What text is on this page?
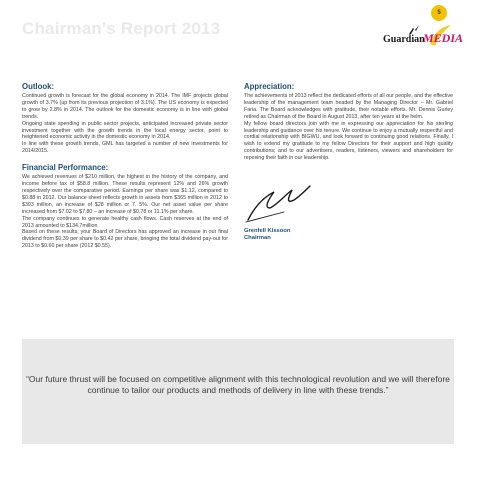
Chairman's Report 2013
5
Guardian
MEDIA
Outlook:

Continued growth is forecast for the global economy in 2014. The IMF projects global growth of 3.7% (up from its previous projection of 3.1%). The US economy is expected to grow by 2.8% in 2014. The outlook for the domestic economy is in line with global trends.

Ongoing state spending in public sector projects, anticipated increased private sector investment together with the growth trends in the local energy sector, point to heightened economic activity in the domestic economy in 2014.

In line with these growth trends, GML has targeted a number of new investments for 2014/2015.

Financial Performance:

We achieved revenues of $210 million, the highest in the history of the company, and income before tax of $58.8 million. These results represent 12% and 26% growth respectively over the comparative period. Earnings per share was $1.12, compared to $0.88 in 2012. Our balance sheet reflects growth in assets from $365 million in 2012 to $393 million, an increase of $28 million or 7. 5%. Our net asset value per share increased from $7.02 to $7.80 – an increase of $0.78 or 11.1% per share.

The company continues to generate healthy cash flows. Cash reserves at the end of 2013 amounted to $134.7million

Based on these results, your Board of Directors has approved an increase in our final dividend from $0.39 per share to $0.42 per share, bringing the total dividend pay-out for 2013 to $0.60 per share (2012 $0.55).

Appreciation:

The achievements of 2013 reflect the dedicated efforts of all our people, and the effective leadership of the management team headed by the Managing Director – Mr. Gabriel Faria. The Board acknowledges with gratitude, their notable efforts. Mr. Dennis Gurley retired as Chairman of the Board in August 2013, after ten years at the helm.

My fellow board directors join with me in expressing our appreciation for his sterling leadership and guidance over his tenure. We continue to enjoy a mutually respectful and cordial relationship with BIGWU, and look forward to continuing good relations. Finally, I wish to extend my gratitude to my fellow Directors for their support and high quality contributions; and to our advertisers, readers, listeners, viewers and shareholders for reposing their faith in our leadership.

Grenfell Kissoon
Chairman
“Our future thrust will be focused on competitive alignment with this technological revolution and we will therefore continue to tailor our products and methods of delivery in line with these trends.”
